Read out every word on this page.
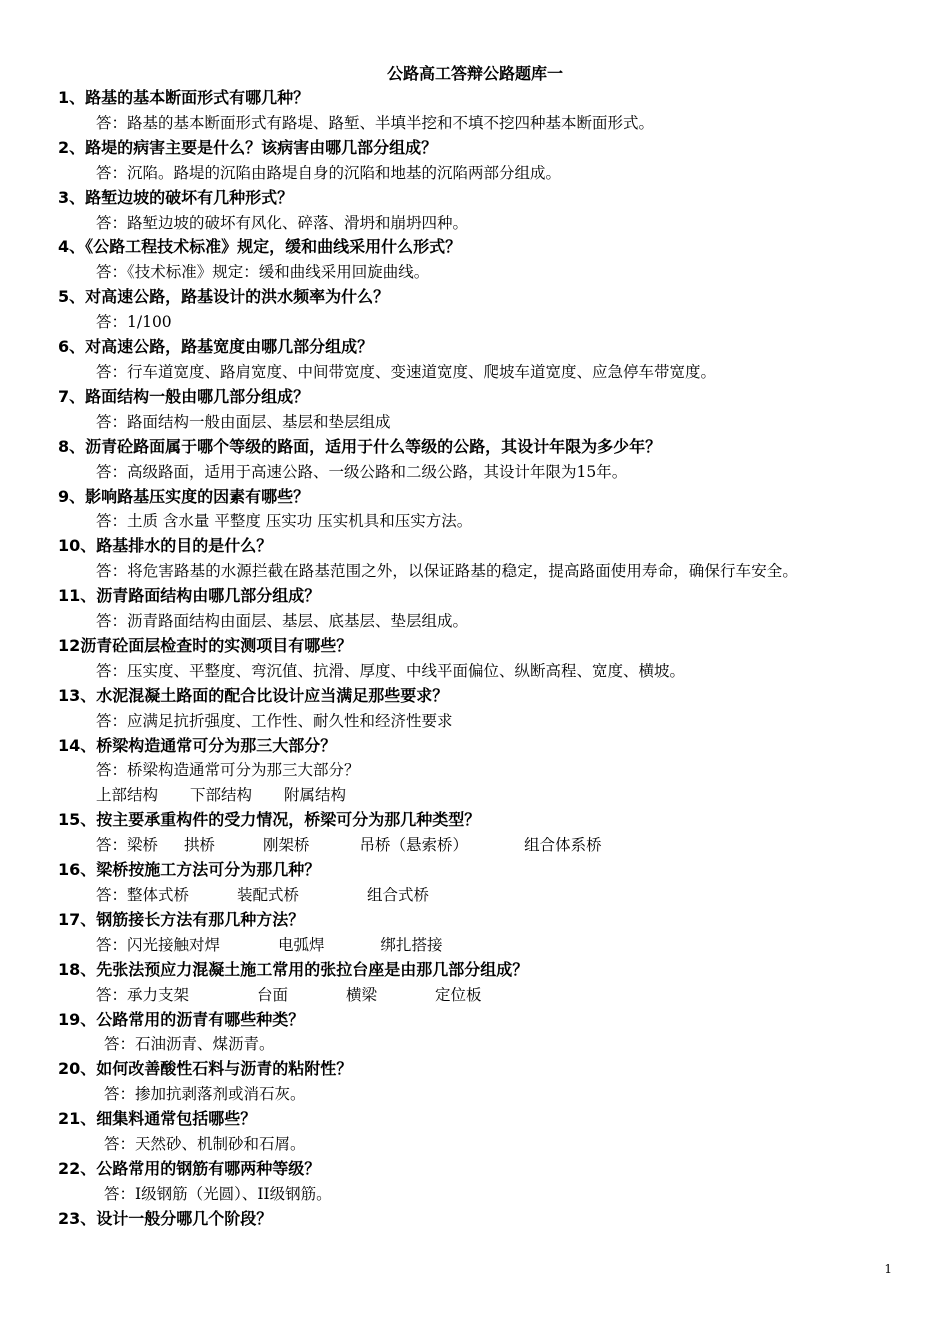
公路高工答辩公路题库一
1、路基的基本断面形式有哪几种？
答：路基的基本断面形式有路堤、路堑、半填半挖和不填不挖四种基本断面形式。
2、路堤的病害主要是什么？该病害由哪几部分组成？
答：沉陷。路堤的沉陷由路堤自身的沉陷和地基的沉陷两部分组成。
3、路堑边坡的破坏有几种形式？
答：路堑边坡的破坏有风化、碎落、滑坍和崩坍四种。
4、《公路工程技术标准》规定，缓和曲线采用什么形式？
答：《技术标准》规定：缓和曲线采用回旋曲线。
5、对高速公路，路基设计的洪水频率为什么？
答：1/100
6、对高速公路，路基宽度由哪几部分组成？
答：行车道宽度、路肩宽度、中间带宽度、变速道宽度、爬坡车道宽度、应急停车带宽度。
7、路面结构一般由哪几部分组成？
答：路面结构一般由面层、基层和垫层组成
8、沥青砼路面属于哪个等级的路面，适用于什么等级的公路，其设计年限为多少年？
答：高级路面，适用于高速公路、一级公路和二级公路，其设计年限为15年。
9、影响路基压实度的因素有哪些？
答：土质 含水量 平整度 压实功 压实机具和压实方法。
10、路基排水的目的是什么？
答：将危害路基的水源拦截在路基范围之外，以保证路基的稳定，提高路面使用寿命，确保行车安全。
11、沥青路面结构由哪几部分组成？
答：沥青路面结构由面层、基层、底基层、垫层组成。
12沥青砼面层检查时的实测项目有哪些？
答：压实度、平整度、弯沉值、抗滑、厚度、中线平面偏位、纵断高程、宽度、横坡。
13、水泥混凝土路面的配合比设计应当满足那些要求？
答：应满足抗折强度、工作性、耐久性和经济性要求
14、桥梁构造通常可分为那三大部分？
答：桥梁构造通常可分为那三大部分？
上部结构 下部结构 附属结构
15、按主要承重构件的受力情况，桥梁可分为那几种类型？
答：梁桥 拱桥	刚架桥	吊桥（悬索桥）	组合体系桥
16、梁桥按施工方法可分为那几种？
答：整体式桥	装配式桥	组合式桥
17、钢筋接长方法有那几种方法？
答：闪光接触对焊	电弧焊	绑扎搭接
18、先张法预应力混凝土施工常用的张拉台座是由那几部分组成？
答：承力支架	台面	横梁	定位板
19、公路常用的沥青有哪些种类？
答：石油沥青、煤沥青。
20、如何改善酸性石料与沥青的粘附性？
答：掺加抗剥落剂或消石灰。
21、细集料通常包括哪些？
答：天然砂、机制砂和石屑。
22、公路常用的钢筋有哪两种等级？
答：Ⅰ级钢筋（光圆）、II级钢筋。
23、设计一般分哪几个阶段？
1
